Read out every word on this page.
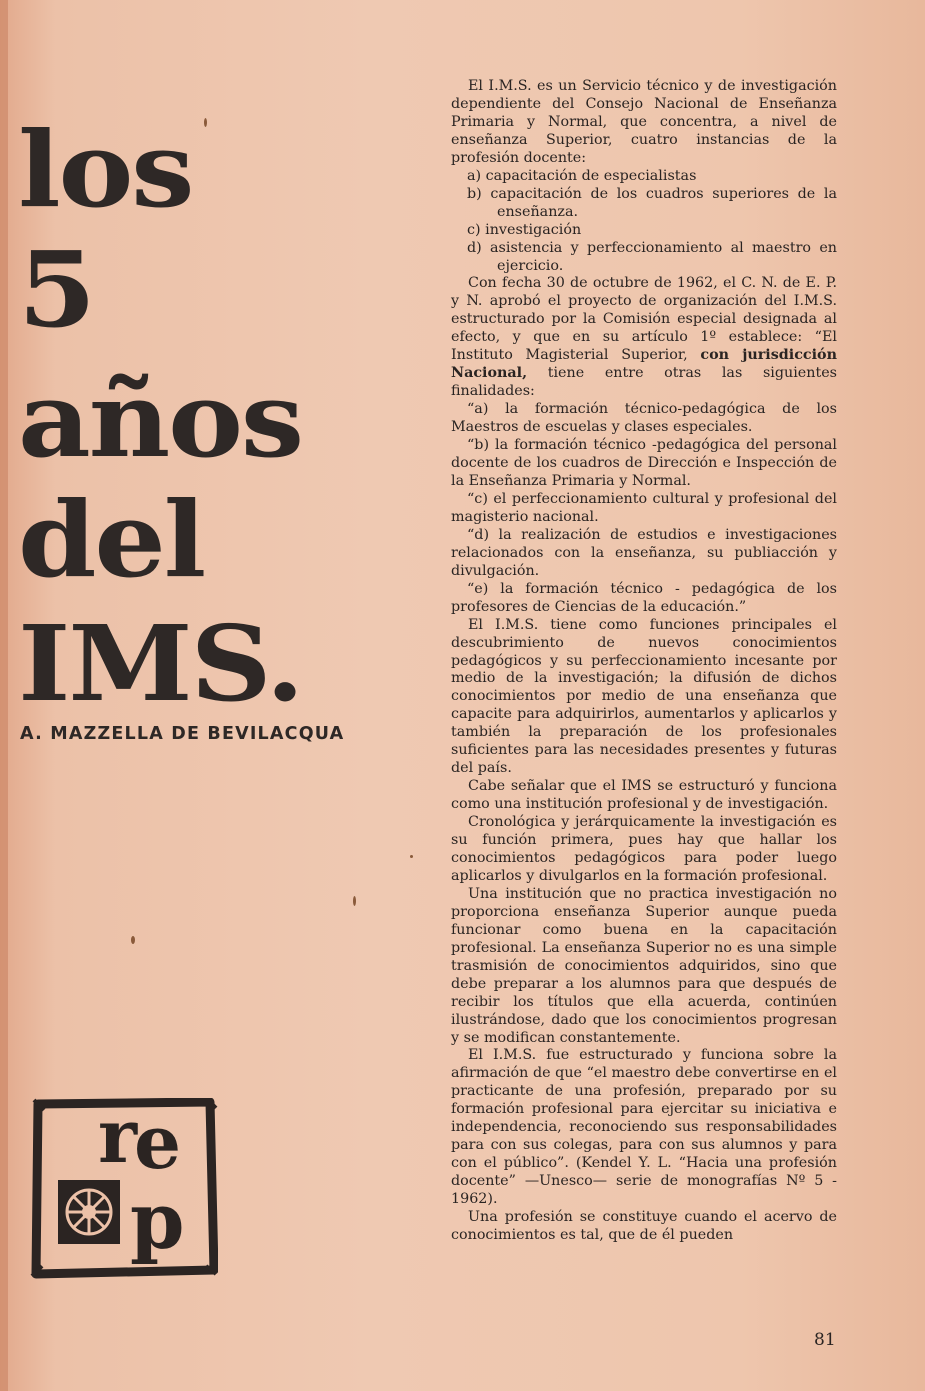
los
5
años
del
IMS.
A. MAZZELLA DE BEVILACQUA
r
e
p

El I.M.S. es un Servicio técnico y de investigación dependiente del Consejo Nacional de Enseñanza Primaria y Normal, que concentra, a nivel de enseñanza Superior, cuatro instancias de la profesión docente:

a) capacitación de especialistas
b) capacitación de los cuadros superiores de la enseñanza.
c) investigación
d) asistencia y perfeccionamiento al maestro en ejercicio.

Con fecha 30 de octubre de 1962, el C. N. de E. P. y N. aprobó el proyecto de organización del I.M.S. estructurado por la Comisión especial designada al efecto, y que en su artículo 1º establece: “El Instituto Magisterial Superior, con jurisdicción Nacional, tiene entre otras las siguientes finalidades:

“a) la formación técnico-pedagógica de los Maestros de escuelas y clases especiales.

“b) la formación técnico -pedagógica del personal docente de los cuadros de Dirección e Inspección de la Enseñanza Primaria y Normal.

“c) el perfeccionamiento cultural y profesional del magisterio nacional.

“d) la realización de estudios e investigaciones relacionados con la enseñanza, su publiacción y divulgación.

“e) la formación técnico - pedagógica de los profesores de Ciencias de la educación.”

El I.M.S. tiene como funciones principales el descubrimiento de nuevos conocimientos pedagógicos y su perfeccionamiento incesante por medio de la investigación; la difusión de dichos conocimientos por medio de una enseñanza que capacite para adquirirlos, aumentarlos y aplicarlos y también la preparación de los profesionales suficientes para las necesidades presentes y futuras del país.

Cabe señalar que el IMS se estructuró y funciona como una institución profesional y de investigación.

Cronológica y jerárquicamente la investigación es su función primera, pues hay que hallar los conocimientos pedagógicos para poder luego aplicarlos y divulgarlos en la formación profesional.

Una institución que no practica investigación no proporciona enseñanza Superior aunque pueda funcionar como buena en la capacitación profesional. La enseñanza Superior no es una simple trasmisión de conocimientos adquiridos, sino que debe preparar a los alumnos para que después de recibir los títulos que ella acuerda, continúen ilustrándose, dado que los conocimientos progresan y se modifican constantemente.

El I.M.S. fue estructurado y funciona sobre la afirmación de que “el maestro debe convertirse en el practicante de una profesión, preparado por su formación profesional para ejercitar su iniciativa e independencia, reconociendo sus responsabilidades para con sus colegas, para con sus alumnos y para con el público”. (Kendel Y. L. “Hacia una profesión docente” —Unesco— serie de monografías Nº 5 - 1962).

Una profesión se constituye cuando el acervo de conocimientos es tal, que de él pueden

81
